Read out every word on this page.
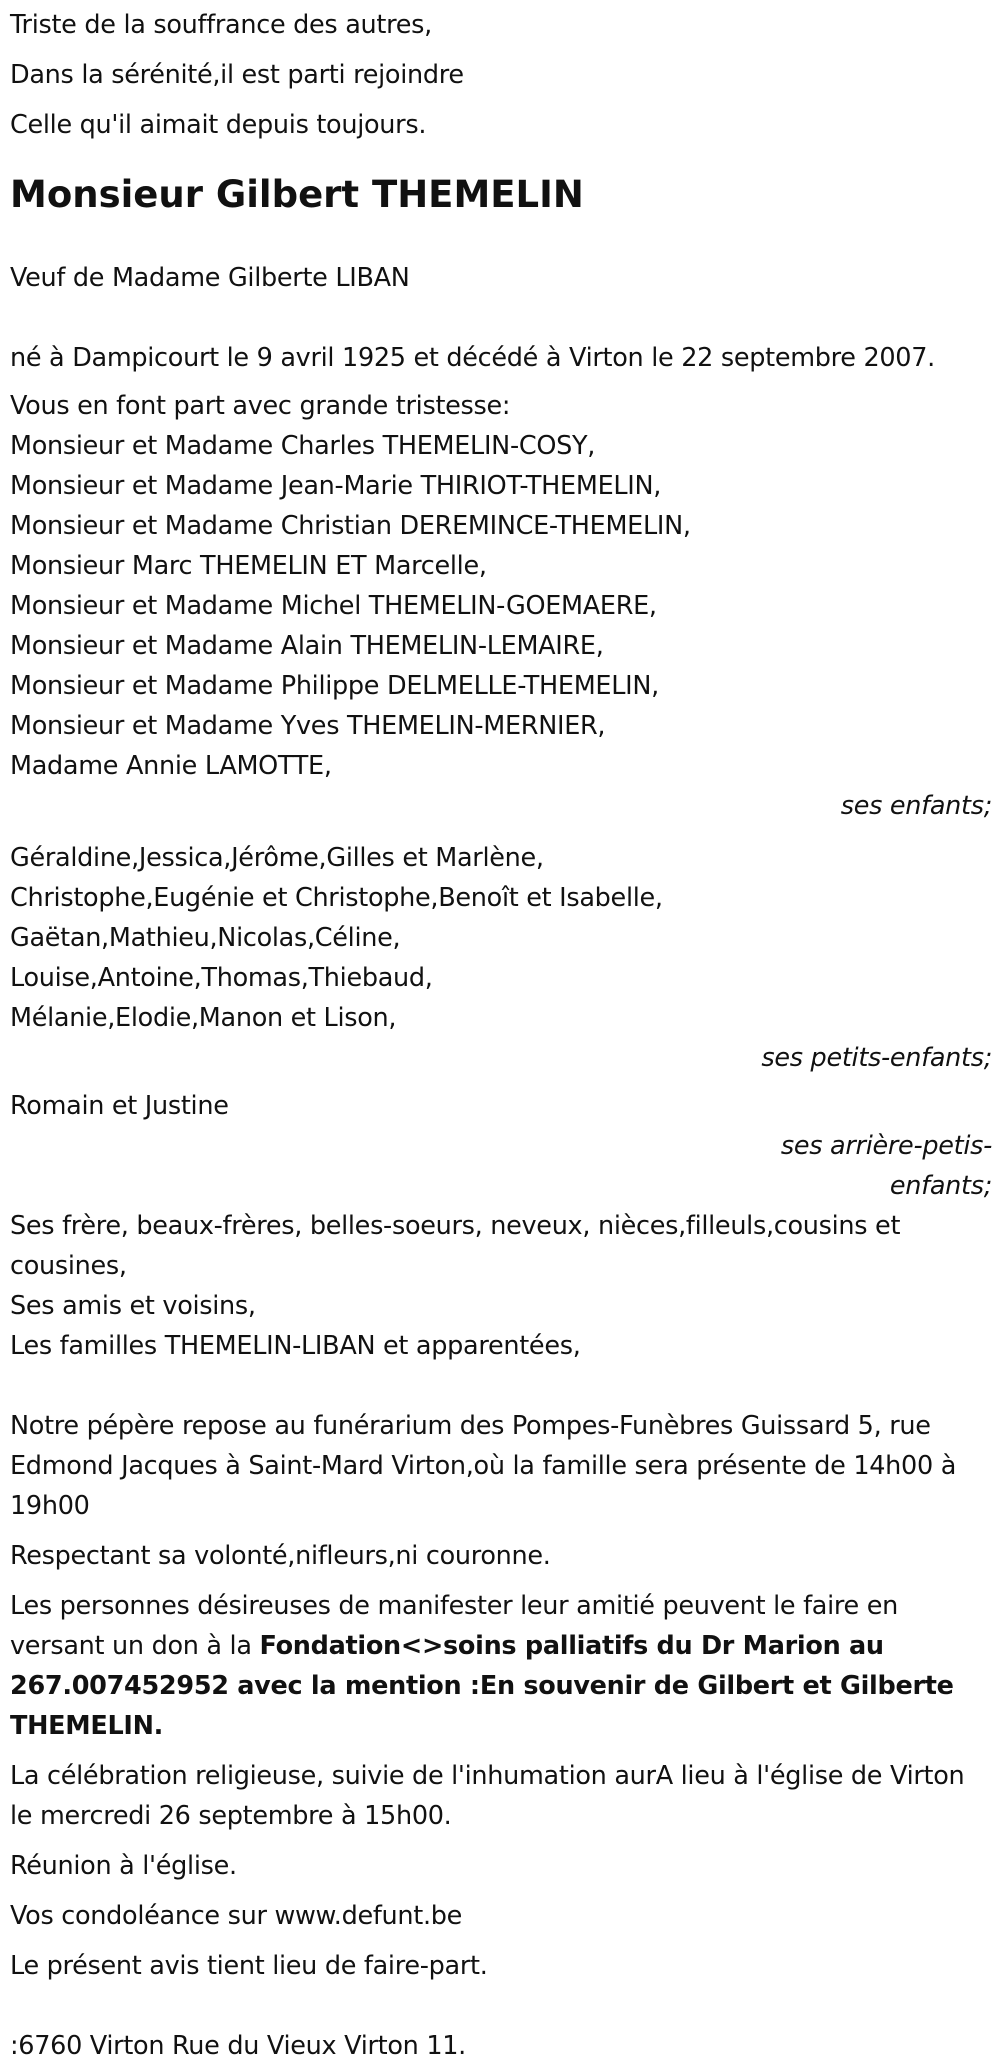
Triste de la souffrance des autres,
Dans la sérénité,il est parti rejoindre
Celle qu'il aimait depuis toujours.
Monsieur Gilbert THEMELIN
Veuf de Madame Gilberte LIBAN
né à Dampicourt le 9 avril 1925 et décédé à Virton le 22 septembre 2007.
Vous en font part avec grande tristesse:
Monsieur et Madame Charles THEMELIN-COSY,
Monsieur et Madame Jean-Marie THIRIOT-THEMELIN,
Monsieur et Madame Christian DEREMINCE-THEMELIN,
Monsieur Marc THEMELIN ET Marcelle,
Monsieur et Madame Michel THEMELIN-GOEMAERE,
Monsieur et Madame Alain THEMELIN-LEMAIRE,
Monsieur et Madame Philippe DELMELLE-THEMELIN,
Monsieur et Madame Yves THEMELIN-MERNIER,
Madame Annie LAMOTTE,
ses enfants;
Géraldine,Jessica,Jérôme,Gilles et Marlène,
Christophe,Eugénie et Christophe,Benoît et Isabelle,
Gaëtan,Mathieu,Nicolas,Céline,
Louise,Antoine,Thomas,Thiebaud,
Mélanie,Elodie,Manon et Lison,
ses petits-enfants;
Romain et Justine
ses arrière-petis-
enfants;
Ses frère, beaux-frères, belles-soeurs, neveux, nièces,filleuls,cousins et cousines,
Ses amis et voisins,
Les familles THEMELIN-LIBAN et apparentées,
Notre pépère repose au funérarium des Pompes-Funèbres Guissard 5, rue Edmond Jacques à Saint-Mard Virton,où la famille sera présente de 14h00 à 19h00
Respectant sa volonté,nifleurs,ni couronne.
Les personnes désireuses de manifester leur amitié peuvent le faire en versant un don à la Fondation<>soins palliatifs du Dr Marion au 267.007452952 avec la mention :En souvenir de Gilbert et Gilberte THEMELIN.
La célébration religieuse, suivie de l'inhumation aurA lieu à l'église de Virton le mercredi 26 septembre à 15h00.
Réunion à l'église.
Vos condoléance sur www.defunt.be
Le présent avis tient lieu de faire-part.
:6760 Virton Rue du Vieux Virton 11.
